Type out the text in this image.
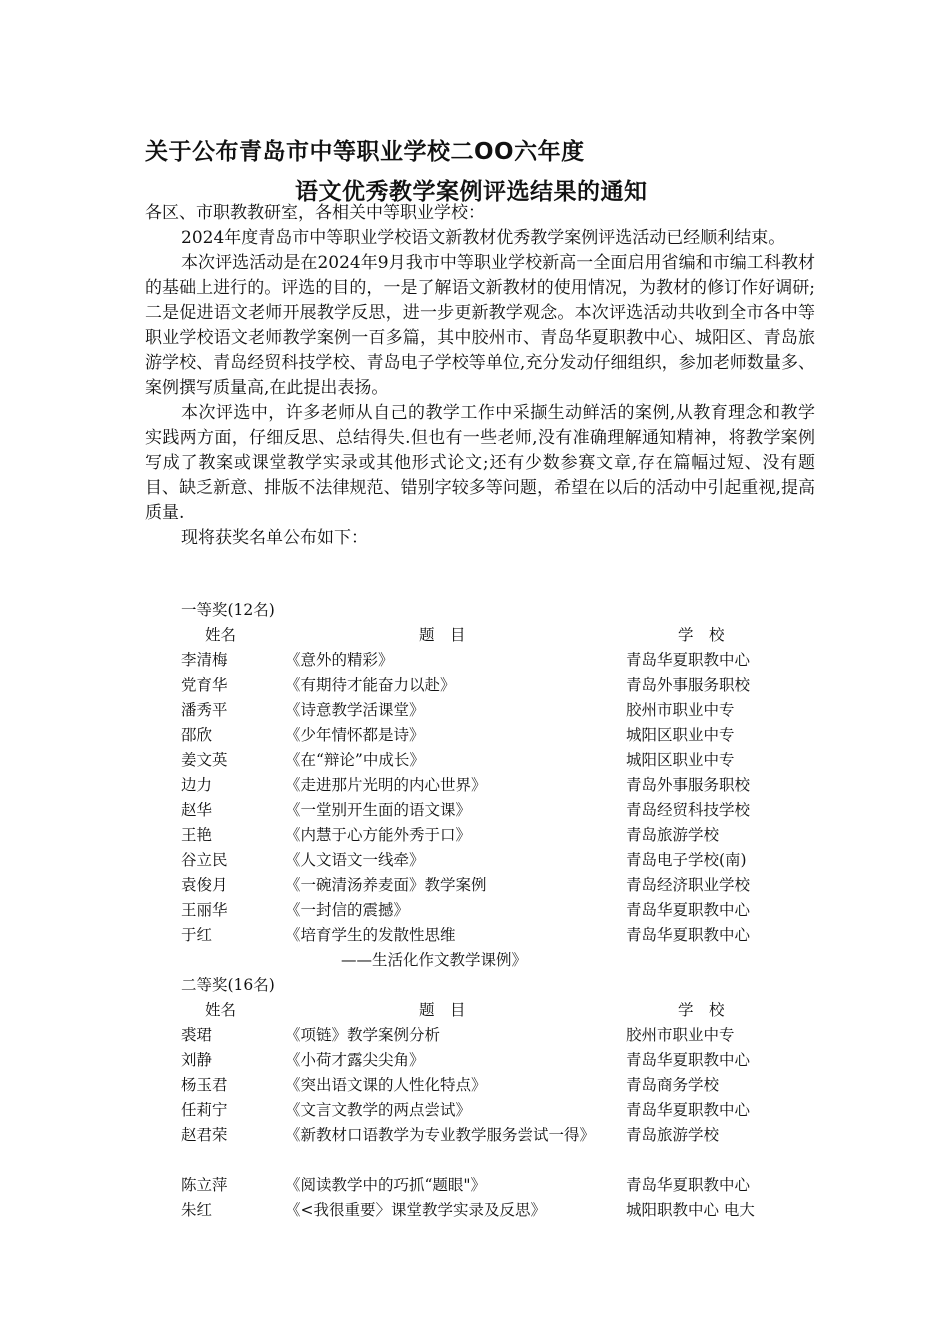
关于公布青岛市中等职业学校二OO六年度
语文优秀教学案例评选结果的通知

各区、市职教教研室，各相关中等职业学校：

2024年度青岛市中等职业学校语文新教材优秀教学案例评选活动已经顺利结束。

本次评选活动是在2024年9月我市中等职业学校新高一全面启用省编和市编工科教材的基础上进行的。评选的目的，一是了解语文新教材的使用情况，为教材的修订作好调研;二是促进语文老师开展教学反思，进一步更新教学观念。本次评选活动共收到全市各中等职业学校语文老师教学案例一百多篇，其中胶州市、青岛华夏职教中心、城阳区、青岛旅游学校、青岛经贸科技学校、青岛电子学校等单位,充分发动仔细组织，参加老师数量多、案例撰写质量高,在此提出表扬。

本次评选中，许多老师从自己的教学工作中采撷生动鲜活的案例,从教育理念和教学实践两方面，仔细反思、总结得失.但也有一些老师,没有准确理解通知精神，将教学案例写成了教案或课堂教学实录或其他形式论文;还有少数参赛文章,存在篇幅过短、没有题目、缺乏新意、排版不法律规范、错别字较多等问题，希望在以后的活动中引起重视,提高质量.

现将获奖名单公布如下：

一等奖(12名)
姓名	题　目	学　校
李清梅	《意外的精彩》	青岛华夏职教中心
党育华	《有期待才能奋力以赴》	青岛外事服务职校
潘秀平	《诗意教学活课堂》	胶州市职业中专
邵欣	《少年情怀都是诗》	城阳区职业中专
姜文英	《在“辩论”中成长》	城阳区职业中专
边力	《走进那片光明的内心世界》	青岛外事服务职校
赵华	《一堂别开生面的语文课》	青岛经贸科技学校
王艳	《内慧于心方能外秀于口》	青岛旅游学校
谷立民	《人文语文一线牵》	青岛电子学校(南)
袁俊月	《一碗清汤养麦面》教学案例	青岛经济职业学校
王丽华	《一封信的震撼》	青岛华夏职教中心
于红	《培育学生的发散性思维	青岛华夏职教中心
——生活化作文教学课例》
二等奖(16名)
姓名	题　目	学　校
裘珺	《项链》教学案例分析	胶州市职业中专
刘静	《小荷才露尖尖角》	青岛华夏职教中心
杨玉君	《突出语文课的人性化特点》	青岛商务学校
任莉宁	《文言文教学的两点尝试》	青岛华夏职教中心
赵君荣	《新教材口语教学为专业教学服务尝试一得》	青岛旅游学校
陈立萍	《阅读教学中的巧抓“题眼"》	青岛华夏职教中心
朱红	《<我很重要〉课堂教学实录及反思》	城阳职教中心 电大
